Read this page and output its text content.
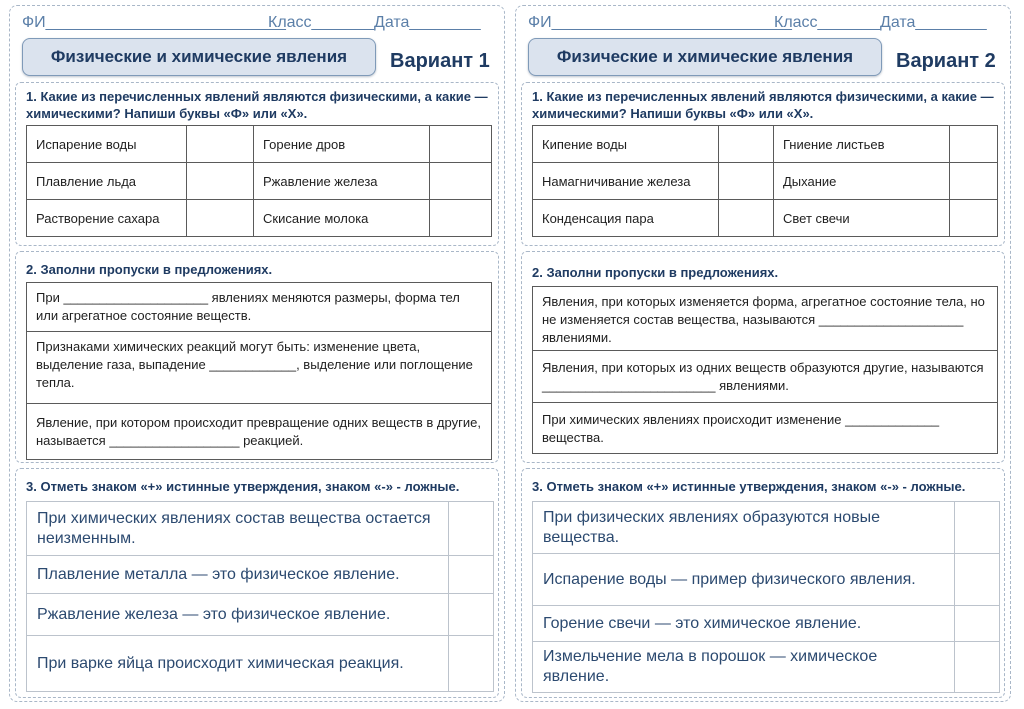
ФИ___________________________
Класс_______ Дата________
Физические и химические явления	Вариант 1
1. Какие из перечисленных явлений являются физическими, а какие — химическими? Напиши буквы «Ф» или «Х».
Испарение воды		Горение дров	
Плавление льда		Ржавление железа	
Растворение сахара		Скисание молока	
2. Заполни пропуски в предложениях.
При ____________________ явлениях меняются размеры, форма тел или агрегатное состояние веществ.
Признаками химических реакций могут быть: изменение цвета, выделение газа, выпадение ____________, выделение или поглощение тепла.
Явление, при котором происходит превращение одних веществ в другие, называется __________________ реакцией.
3. Отметь знаком «+» истинные утверждения, знаком «-» - ложные.
При химических явлениях состав вещества остается неизменным.	
Плавление металла — это физическое явление.	
Ржавление железа — это физическое явление.	
При варке яйца происходит химическая реакция.	
ФИ___________________________
Класс_______ Дата________
Физические и химические явления	Вариант 2
1. Какие из перечисленных явлений являются физическими, а какие — химическими? Напиши буквы «Ф» или «Х».
Кипение воды		Гниение листьев	
Намагничивание железа		Дыхание	
Конденсация пара		Свет свечи	
2. Заполни пропуски в предложениях.
Явления, при которых изменяется форма, агрегатное состояние тела, но не изменяется состав вещества, называются ____________________ явлениями.
Явления, при которых из одних веществ образуются другие, называются ________________________ явлениями.
При химических явлениях происходит изменение _____________ вещества.
3. Отметь знаком «+» истинные утверждения, знаком «-» - ложные.
При физических явлениях образуются новые вещества.	
Испарение воды — пример физического явления.	
Горение свечи — это химическое явление.	
Измельчение мела в порошок — химическое явление.	
